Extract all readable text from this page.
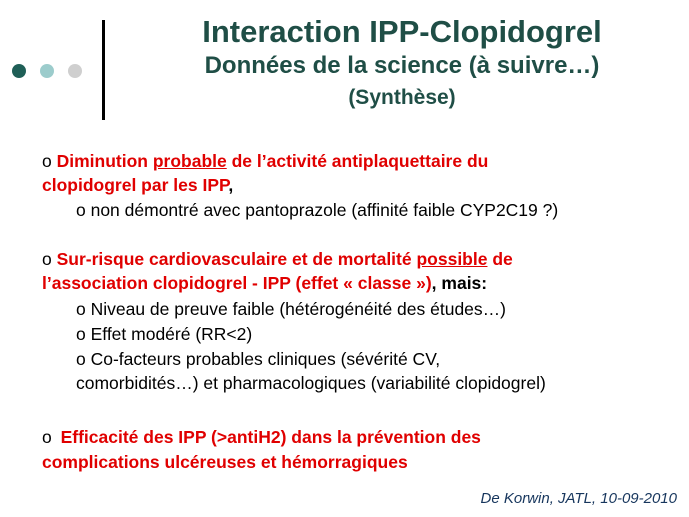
Interaction IPP-Clopidogrel
Données de la science (à suivre…)
(Synthèse)
o Diminution probable de l’activité antiplaquettaire du
clopidogrel par les IPP,
o non démontré avec pantoprazole (affinité faible CYP2C19 ?)
o Sur-risque cardiovasculaire et de mortalité possible de
l’association clopidogrel - IPP (effet « classe »), mais:
o Niveau de preuve faible (hétérogénéité des études…)
o Effet modéré (RR<2)
o Co-facteurs probables cliniques (sévérité CV,
comorbidités…) et pharmacologiques (variabilité clopidogrel)
o Efficacité des IPP (>antiH2) dans la prévention des
complications ulcéreuses et hémorragiques
De Korwin, JATL, 10-09-2010
